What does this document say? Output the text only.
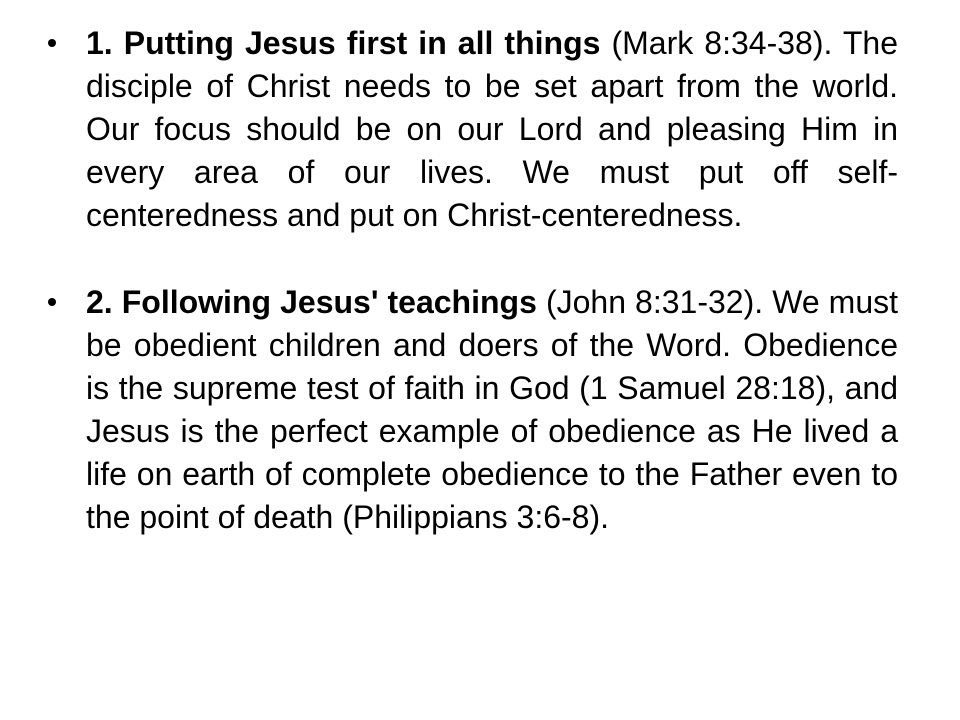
1. Putting Jesus first in all things (Mark 8:34-38). The disciple of Christ needs to be set apart from the world. Our focus should be on our Lord and pleasing Him in every area of our lives. We must put off self-centeredness and put on Christ-centeredness.
2. Following Jesus' teachings (John 8:31-32). We must be obedient children and doers of the Word. Obedience is the supreme test of faith in God (1 Samuel 28:18), and Jesus is the perfect example of obedience as He lived a life on earth of complete obedience to the Father even to the point of death (Philippians 3:6-8).
